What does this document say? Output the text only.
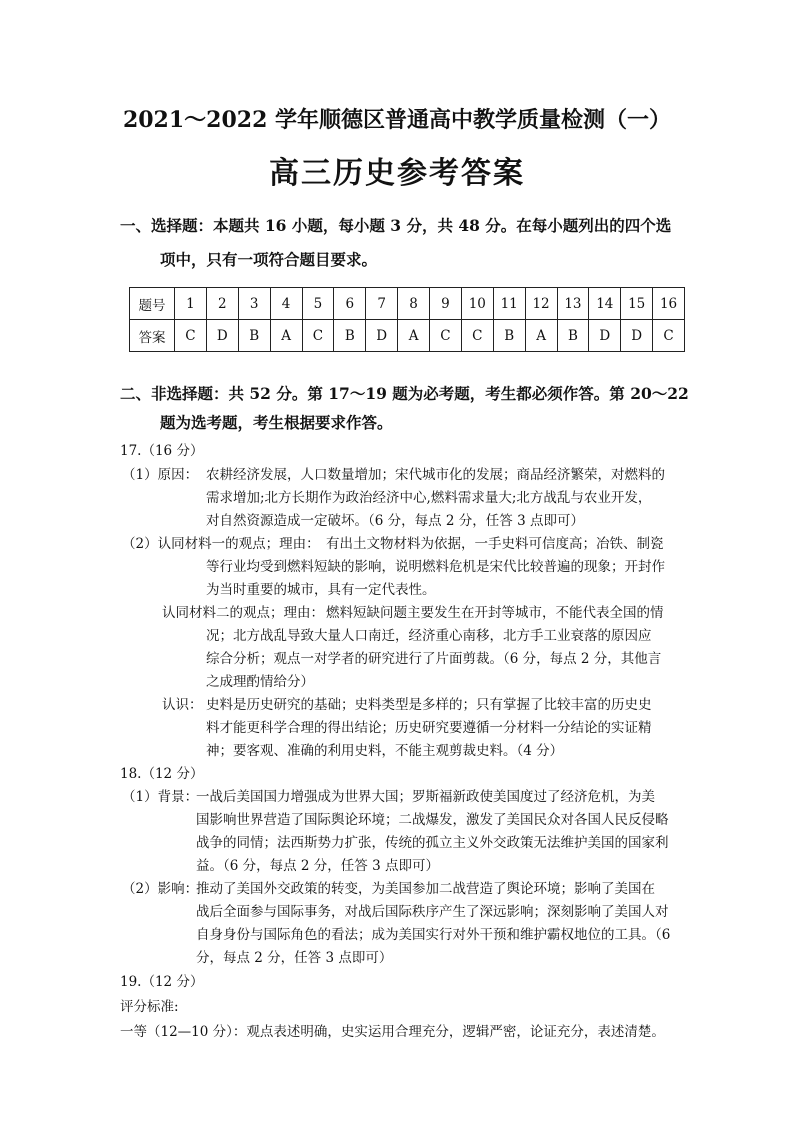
2021～2022 学年顺德区普通高中教学质量检测（一）
高三历史参考答案
一、选择题：本题共 16 小题，每小题 3 分，共 48 分。在每小题列出的四个选
项中，只有一项符合题目要求。
题号	1	2	3	4	5	6	7	8	9	10	11	12	13	14	15	16
答案	C	D	B	A	C	B	D	A	C	C	B	A	B	D	D	C
二、非选择题：共 52 分。第 17～19 题为必考题，考生都必须作答。第 20～22
题为选考题，考生根据要求作答。
17.（16 分）
（1）原因： 农耕经济发展，人口数量增加；宋代城市化的发展；商品经济繁荣，对燃料的
需求增加;北方长期作为政治经济中心,燃料需求量大;北方战乱与农业开发，
对自然资源造成一定破坏。（6 分，每点 2 分，任答 3 点即可）
（2）认同材料一的观点；理由： 有出土文物材料为依据，一手史料可信度高；冶铁、制瓷
等行业均受到燃料短缺的影响，说明燃料危机是宋代比较普遍的现象；开封作
为当时重要的城市，具有一定代表性。
认同材料二的观点；理由： 燃料短缺问题主要发生在开封等城市，不能代表全国的情
况；北方战乱导致大量人口南迁，经济重心南移，北方手工业衰落的原因应
综合分析；观点一对学者的研究进行了片面剪裁。（6 分，每点 2 分，其他言
之成理酌情给分）
认识： 史料是历史研究的基础；史料类型是多样的；只有掌握了比较丰富的历史史
料才能更科学合理的得出结论；历史研究要遵循一分材料一分结论的实证精
神；要客观、准确的利用史料，不能主观剪裁史料。（4 分）
18.（12 分）
（1）背景：
一战后美国国力增强成为世界大国；罗斯福新政使美国度过了经济危机，为美
国影响世界营造了国际舆论环境；二战爆发，激发了美国民众对各国人民反侵略
战争的同情；法西斯势力扩张，传统的孤立主义外交政策无法维护美国的国家利
益。（6 分，每点 2 分，任答 3 点即可）
（2）影响：
推动了美国外交政策的转变，为美国参加二战营造了舆论环境；影响了美国在
战后全面参与国际事务，对战后国际秩序产生了深远影响；深刻影响了美国人对
自身身份与国际角色的看法；成为美国实行对外干预和维护霸权地位的工具。（6
分，每点 2 分，任答 3 点即可）
19.（12 分）
评分标准:
一等（12—10 分）：观点表述明确，史实运用合理充分，逻辑严密，论证充分，表述清楚。
